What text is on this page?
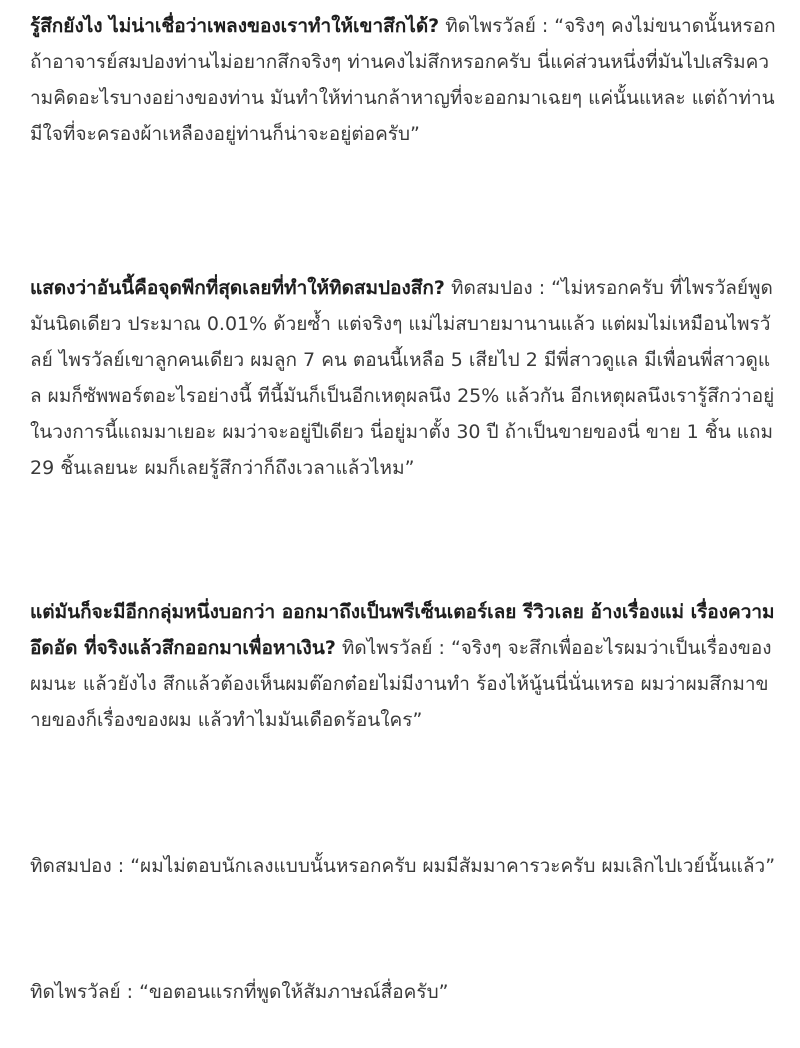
รู้สึกยังไง ไม่น่าเชื่อว่าเพลงของเราทำให้เขาสึกได้? ทิดไพรวัลย์ : “จริงๆ คงไม่ขนาดนั้นหรอก ถ้าอาจารย์สมปองท่านไม่อยากสึกจริงๆ ท่านคงไม่สึกหรอกครับ นี่แค่ส่วนหนึ่งที่มันไปเสริมความคิดอะไรบางอย่างของท่าน มันทำให้ท่านกล้าหาญที่จะออกมาเฉยๆ แค่นั้นแหละ แต่ถ้าท่านมีใจที่จะครองผ้าเหลืองอยู่ท่านก็น่าจะอยู่ต่อครับ”

แสดงว่าอันนี้คือจุดพีกที่สุดเลยที่ทำให้ทิดสมปองสึก? ทิดสมปอง : “ไม่หรอกครับ ที่ไพรวัลย์พูดมันนิดเดียว ประมาณ 0.01% ด้วยซ้ำ แต่จริงๆ แม่ไม่สบายมานานแล้ว แต่ผมไม่เหมือนไพรวัลย์ ไพรวัลย์เขาลูกคนเดียว ผมลูก 7 คน ตอนนี้เหลือ 5 เสียไป 2 มีพี่สาวดูแล มีเพื่อนพี่สาวดูแล ผมก็ซัพพอร์ตอะไรอย่างนี้ ทีนี้มันก็เป็นอีกเหตุผลนึง 25% แล้วกัน อีกเหตุผลนึงเรารู้สึกว่าอยู่ในวงการนี้แถมมาเยอะ ผมว่าจะอยู่ปีเดียว นี่อยู่มาตั้ง 30 ปี ถ้าเป็นขายของนี่ ขาย 1 ชิ้น แถม 29 ชิ้นเลยนะ ผมก็เลยรู้สึกว่าก็ถึงเวลาแล้วไหม”

แต่มันก็จะมีอีกกลุ่มหนึ่งบอกว่า ออกมาถึงเป็นพรีเซ็นเตอร์เลย รีวิวเลย อ้างเรื่องแม่ เรื่องความอึดอัด ที่จริงแล้วสึกออกมาเพื่อหาเงิน? ทิดไพรวัลย์ : “จริงๆ จะสึกเพื่ออะไรผมว่าเป็นเรื่องของผมนะ แล้วยังไง สึกแล้วต้องเห็นผมต๊อกต๋อยไม่มีงานทำ ร้องไห้นู้นนี่นั่นเหรอ ผมว่าผมสึกมาขายของก็เรื่องของผม แล้วทำไมมันเดือดร้อนใคร”

ทิดสมปอง : “ผมไม่ตอบนักเลงแบบนั้นหรอกครับ ผมมีสัมมาคารวะครับ ผมเลิกไปเวย์นั้นแล้ว”

ทิดไพรวัลย์ : “ขอตอนแรกที่พูดให้สัมภาษณ์สื่อครับ”
